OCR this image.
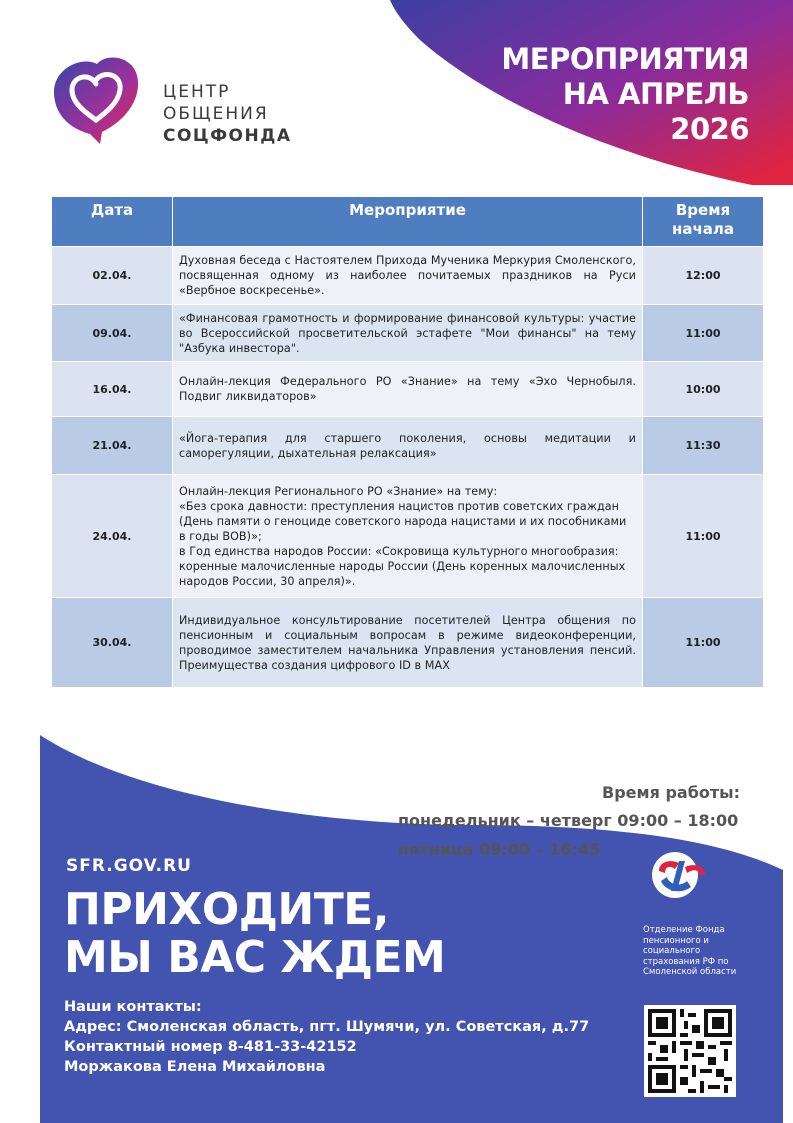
МЕРОПРИЯТИЯ
НА АПРЕЛЬ
2026
ЦЕНТР
ОБЩЕНИЯ
СОЦФОНДА
Дата	Мероприятие	Время
начала

02.04.	Духовная беседа с Настоятелем Прихода Мученика Меркурия Смоленского, посвященная одному из наиболее почитаемых праздников на Руси «Вербное воскресенье».	12:00
09.04.	«Финансовая грамотность и формирование финансовой культуры: участие во Всероссийской просветительской эстафете "Мои финансы" на тему "Азбука инвестора".	11:00
16.04.	Онлайн-лекция Федерального РО «Знание» на тему «Эхо Чернобыля. Подвиг ликвидаторов»	10:00
21.04.	«Йога-терапия для старшего поколения, основы медитации и саморегуляции, дыхательная релаксация»	11:30
24.04.	Онлайн-лекция Регионального РО «Знание» на тему:
«Без срока давности: преступления нацистов против советских граждан (День памяти о геноциде советского народа нацистами и их пособниками в годы ВОВ)»;
в Год единства народов России: «Сокровища культурного многообразия: коренные малочисленные народы России (День коренных малочисленных народов России, 30 апреля)».	11:00
30.04.	Индивидуальное консультирование посетителей Центра общения по пенсионным и социальным вопросам в режиме видеоконференции, проводимое заместителем начальника Управления установления пенсий. Преимущества создания цифрового ID в MAX	11:00
Время работы:
понедельник – четверг 09:00 – 18:00
пятница 09:00 – 16:45
SFR.GOV.RU
ПРИХОДИТЕ,
МЫ ВАС ЖДЕМ
Наши контакты:
Адрес: Смоленская область, пгт. Шумячи, ул. Советская, д.77
Контактный номер 8-481-33-42152
Моржакова Елена Михайловна
Отделение Фонда пенсионного и социального страхования РФ по Смоленской области
